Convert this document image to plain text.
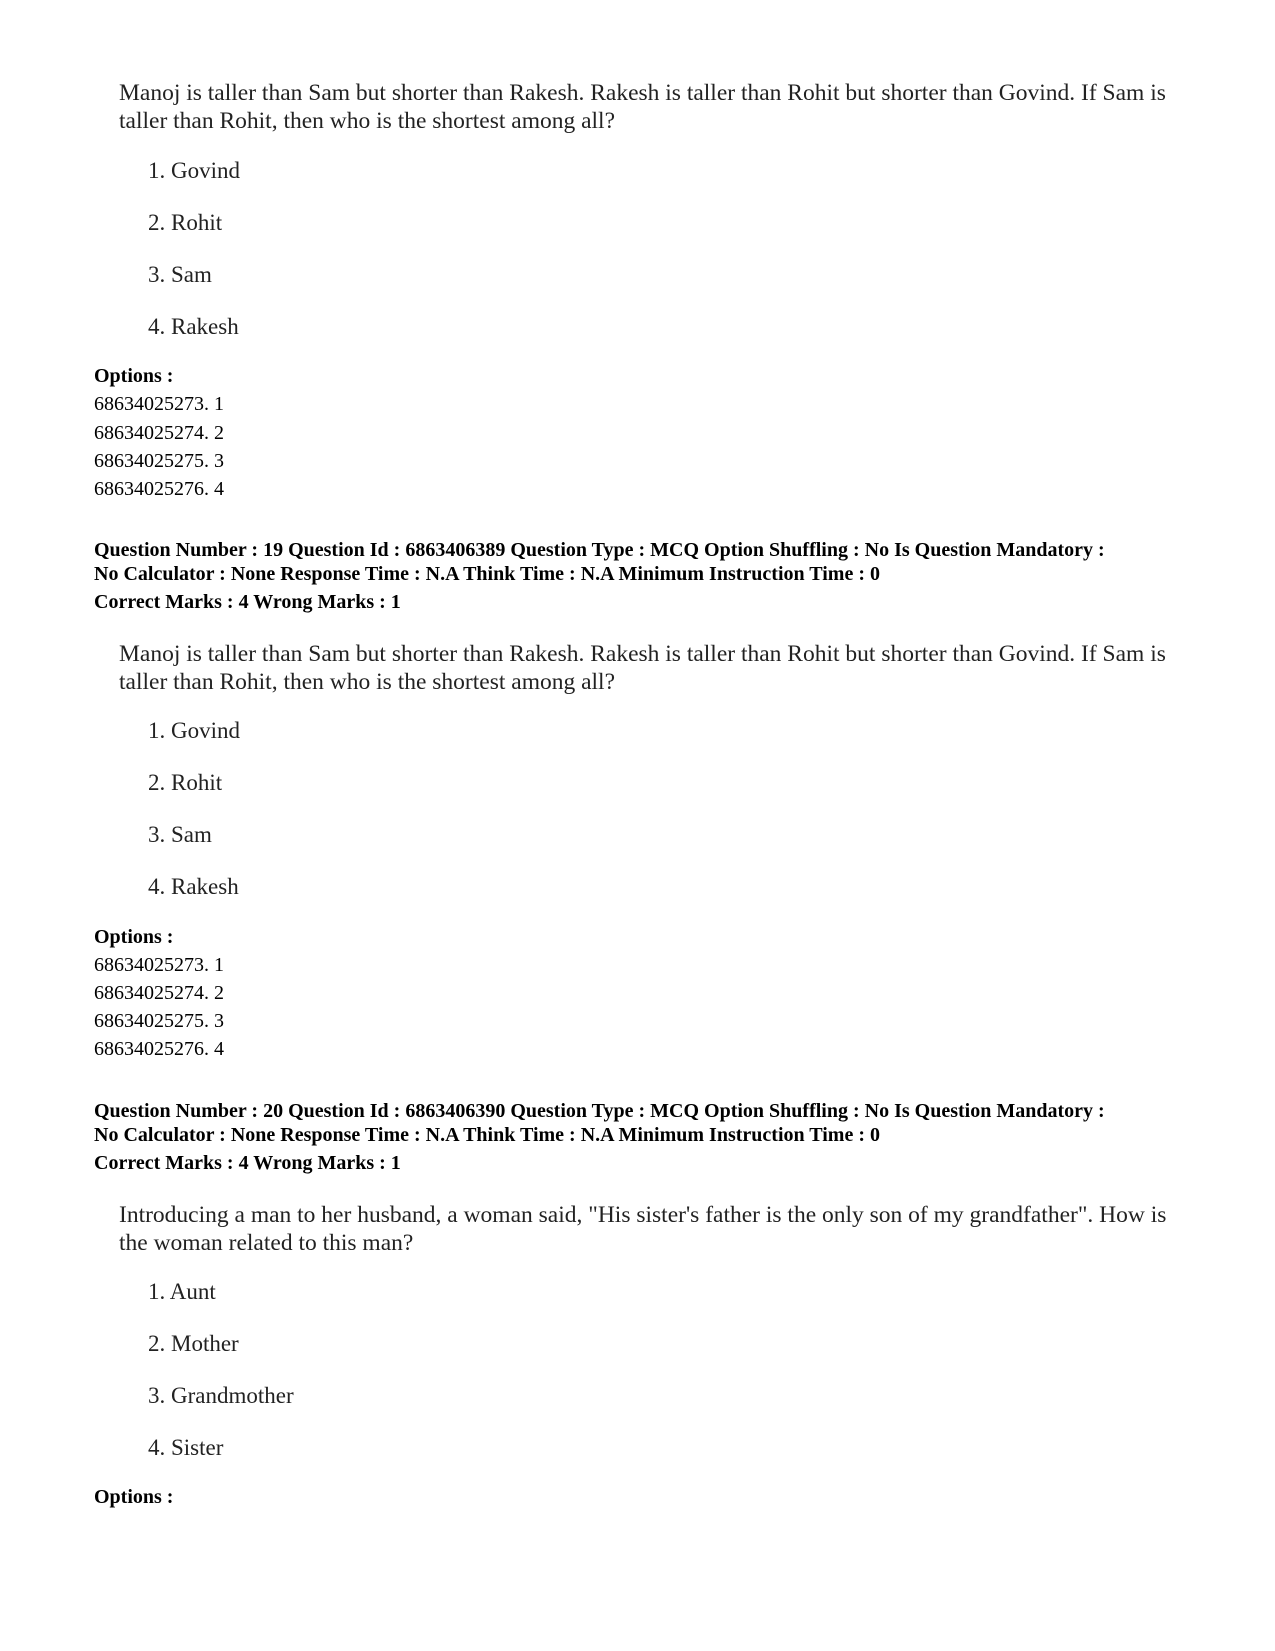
Manoj is taller than Sam but shorter than Rakesh. Rakesh is taller than Rohit but shorter than Govind. If Sam is taller than Rohit, then who is the shortest among all?
1. Govind
2. Rohit
3. Sam
4. Rakesh
Options :
68634025273. 1
68634025274. 2
68634025275. 3
68634025276. 4
Question Number : 19 Question Id : 6863406389 Question Type : MCQ Option Shuffling : No Is Question Mandatory :
No Calculator : None Response Time : N.A Think Time : N.A Minimum Instruction Time : 0
Correct Marks : 4 Wrong Marks : 1
Manoj is taller than Sam but shorter than Rakesh. Rakesh is taller than Rohit but shorter than Govind. If Sam is taller than Rohit, then who is the shortest among all?
1. Govind
2. Rohit
3. Sam
4. Rakesh
Options :
68634025273. 1
68634025274. 2
68634025275. 3
68634025276. 4
Question Number : 20 Question Id : 6863406390 Question Type : MCQ Option Shuffling : No Is Question Mandatory :
No Calculator : None Response Time : N.A Think Time : N.A Minimum Instruction Time : 0
Correct Marks : 4 Wrong Marks : 1
Introducing a man to her husband, a woman said, "His sister's father is the only son of my grandfather". How is the woman related to this man?
1. Aunt
2. Mother
3. Grandmother
4. Sister
Options :
